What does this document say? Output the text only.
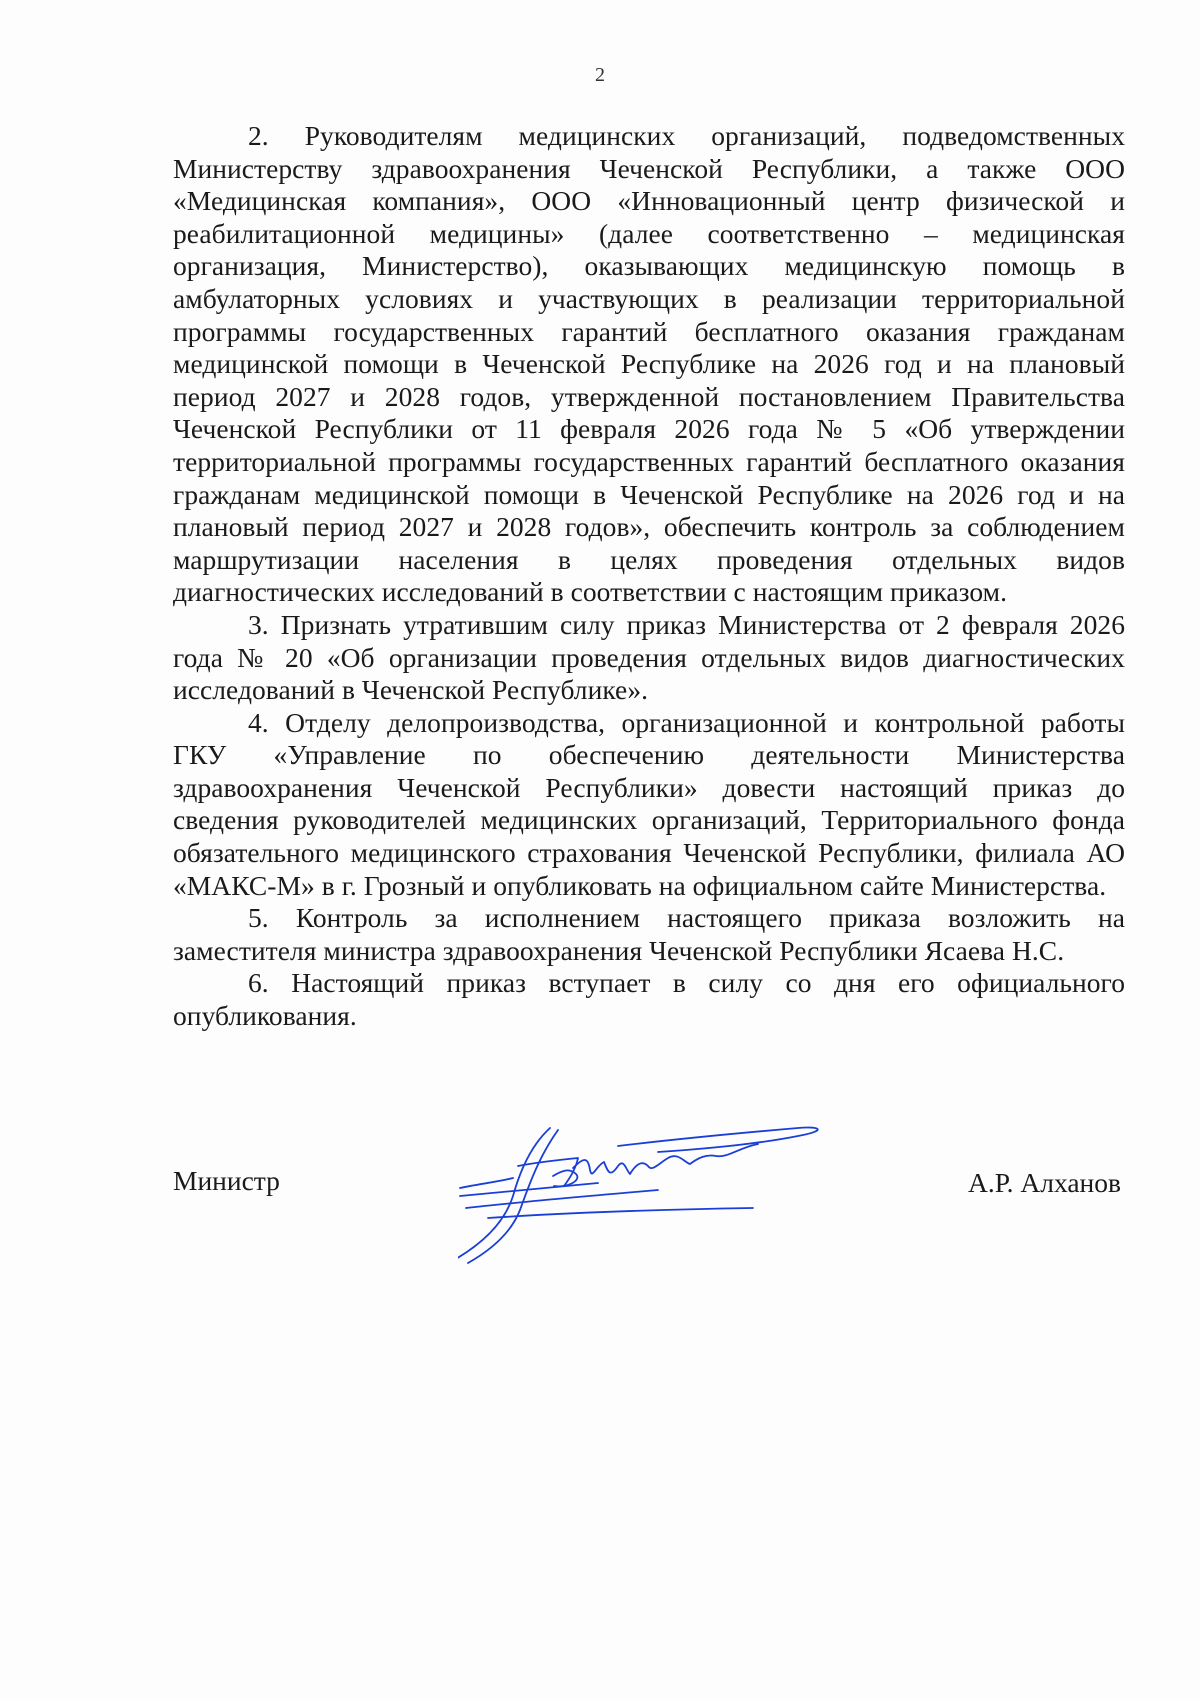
2

2. Руководителям медицинских организаций, подведомственных Министерству здравоохранения Чеченской Республики, а также ООО «Медицинская компания», ООО «Инновационный центр физической и реабилитационной медицины» (далее соответственно – медицинская организация, Министерство), оказывающих медицинскую помощь в амбулаторных условиях и участвующих в реализации территориальной программы государственных гарантий бесплатного оказания гражданам медицинской помощи в Чеченской Республике на 2026 год и на плановый период 2027 и 2028 годов, утвержденной постановлением Правительства Чеченской Республики от 11 февраля 2026 года № 5 «Об утверждении территориальной программы государственных гарантий бесплатного оказания гражданам медицинской помощи в Чеченской Республике на 2026 год и на плановый период 2027 и 2028 годов», обеспечить контроль за соблюдением маршрутизации населения в целях проведения отдельных видов диагностических исследований в соответствии с настоящим приказом.

3. Признать утратившим силу приказ Министерства от 2 февраля 2026 года № 20 «Об организации проведения отдельных видов диагностических исследований в Чеченской Республике».

4. Отделу делопроизводства, организационной и контрольной работы ГКУ «Управление по обеспечению деятельности Министерства здравоохранения Чеченской Республики» довести настоящий приказ до сведения руководителей медицинских организаций, Территориального фонда обязательного медицинского страхования Чеченской Республики, филиала АО «МАКС-М» в г. Грозный и опубликовать на официальном сайте Министерства.

5. Контроль за исполнением настоящего приказа возложить на заместителя министра здравоохранения Чеченской Республики Ясаева Н.С.

6. Настоящий приказ вступает в силу со дня его официального опубликования.

Министр	А.Р. Алханов
